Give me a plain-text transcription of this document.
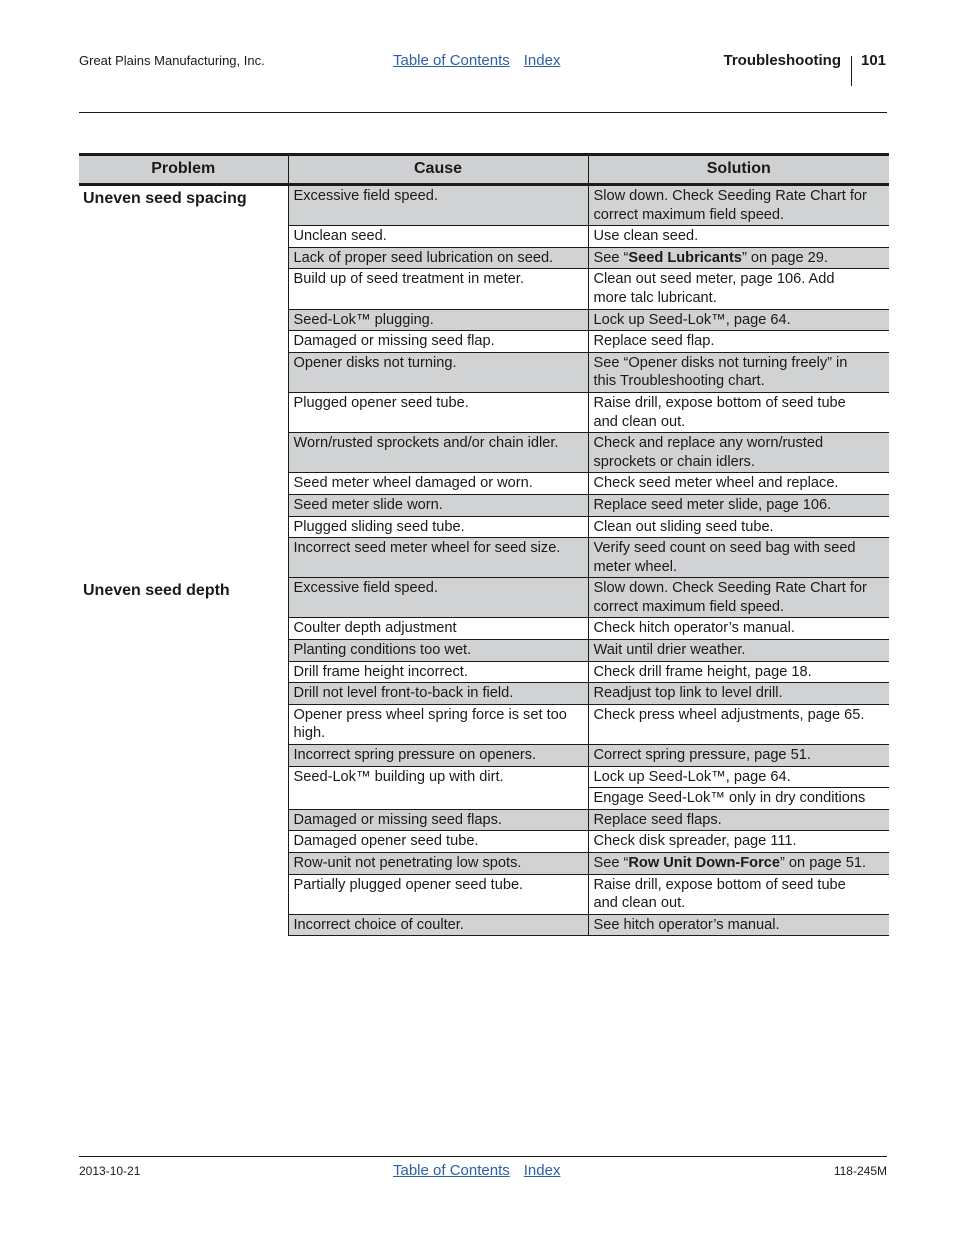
Great Plains Manufacturing, Inc.	Table of Contents Index	Troubleshooting 101
Problem	Cause	Solution
Uneven seed spacing	Excessive field speed.	Slow down. Check Seeding Rate Chart for
correct maximum field speed.
	Unclean seed.	Use clean seed.
	Lack of proper seed lubrication on seed.	See “Seed Lubricants” on page 29.
	Build up of seed treatment in meter.	Clean out seed meter, page 106. Add
more talc lubricant.
	Seed-Lok™ plugging.	Lock up Seed-Lok™, page 64.
	Damaged or missing seed flap.	Replace seed flap.
	Opener disks not turning.	See “Opener disks not turning freely” in
this Troubleshooting chart.
	Plugged opener seed tube.	Raise drill, expose bottom of seed tube
and clean out.
	Worn/rusted sprockets and/or chain idler.	Check and replace any worn/rusted
sprockets or chain idlers.
	Seed meter wheel damaged or worn.	Check seed meter wheel and replace.
	Seed meter slide worn.	Replace seed meter slide, page 106.
	Plugged sliding seed tube.	Clean out sliding seed tube.
	Incorrect seed meter wheel for seed size.	Verify seed count on seed bag with seed
meter wheel.
Uneven seed depth	Excessive field speed.	Slow down. Check Seeding Rate Chart for
correct maximum field speed.
	Coulter depth adjustment	Check hitch operator’s manual.
	Planting conditions too wet.	Wait until drier weather.
	Drill frame height incorrect.	Check drill frame height, page 18.
	Drill not level front-to-back in field.	Readjust top link to level drill.
	Opener press wheel spring force is set too
high.	Check press wheel adjustments, page 65.
	Incorrect spring pressure on openers.	Correct spring pressure, page 51.
	Seed-Lok™ building up with dirt.	Lock up Seed-Lok™, page 64.
		Engage Seed-Lok™ only in dry conditions
	Damaged or missing seed flaps.	Replace seed flaps.
	Damaged opener seed tube.	Check disk spreader, page 111.
	Row-unit not penetrating low spots.	See “Row Unit Down-Force” on page 51.
	Partially plugged opener seed tube.	Raise drill, expose bottom of seed tube
and clean out.
	Incorrect choice of coulter.	See hitch operator’s manual.
2013-10-21	Table of Contents Index	118-245M
